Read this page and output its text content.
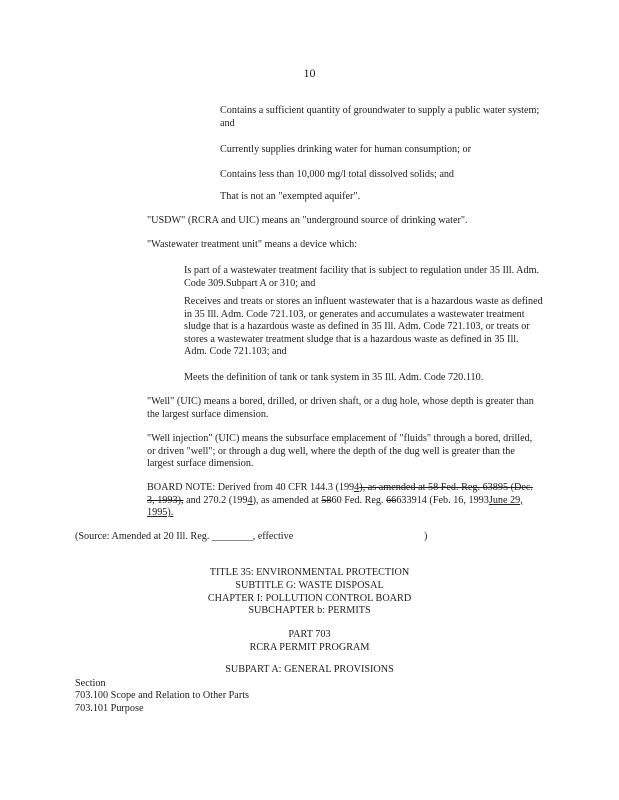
10

Contains a sufficient quantity of groundwater to supply a public water system;

and

Currently supplies drinking water for human consumption; or

Contains less than 10,000 mg/l total dissolved solids; and

That is not an "exempted aquifer".

"USDW" (RCRA and UIC) means an "underground source of drinking water".

"Wastewater treatment unit" means a device which:

Is part of a wastewater treatment facility that is subject to regulation under 35 Ill. Adm.
Code 309.Subpart A or 310; and
Receives and treats or stores an influent wastewater that is a hazardous waste as defined
in 35 Ill. Adm. Code 721.103, or generates and accumulates a wastewater treatment
sludge that is a hazardous waste as defined in 35 Ill. Adm. Code 721.103, or treats or
stores a wastewater treatment sludge that is a hazardous waste as defined in 35 Ill.
Adm. Code 721.103; and

Meets the definition of tank or tank system in 35 Ill. Adm. Code 720.110.

"Well" (UIC) means a bored, drilled, or driven shaft, or a dug hole, whose depth is greater than
the largest surface dimension.
"Well injection" (UIC) means the subsurface emplacement of "fluids" through a bored, drilled,
or driven "well"; or through a dug well, where the depth of the dug well is greater than the
largest surface dimension.
BOARD NOTE: Derived from 40 CFR 144.3 (1994), as amended at 58 Fed. Reg. 63895 (Dec.
3, 1993), and 270.2 (1994), as amended at 5860 Fed. Reg. 66633914 (Feb. 16, 1993June 29,
1995).
(Source: Amended at 20 Ill. Reg. ________, effective	)
TITLE 35: ENVIRONMENTAL PROTECTION
SUBTITLE G: WASTE DISPOSAL
CHAPTER I: POLLUTION CONTROL BOARD
SUBCHAPTER b: PERMITS
PART 703
RCRA PERMIT PROGRAM
SUBPART A: GENERAL PROVISIONS
Section
703.100 Scope and Relation to Other Parts
703.101 Purpose
